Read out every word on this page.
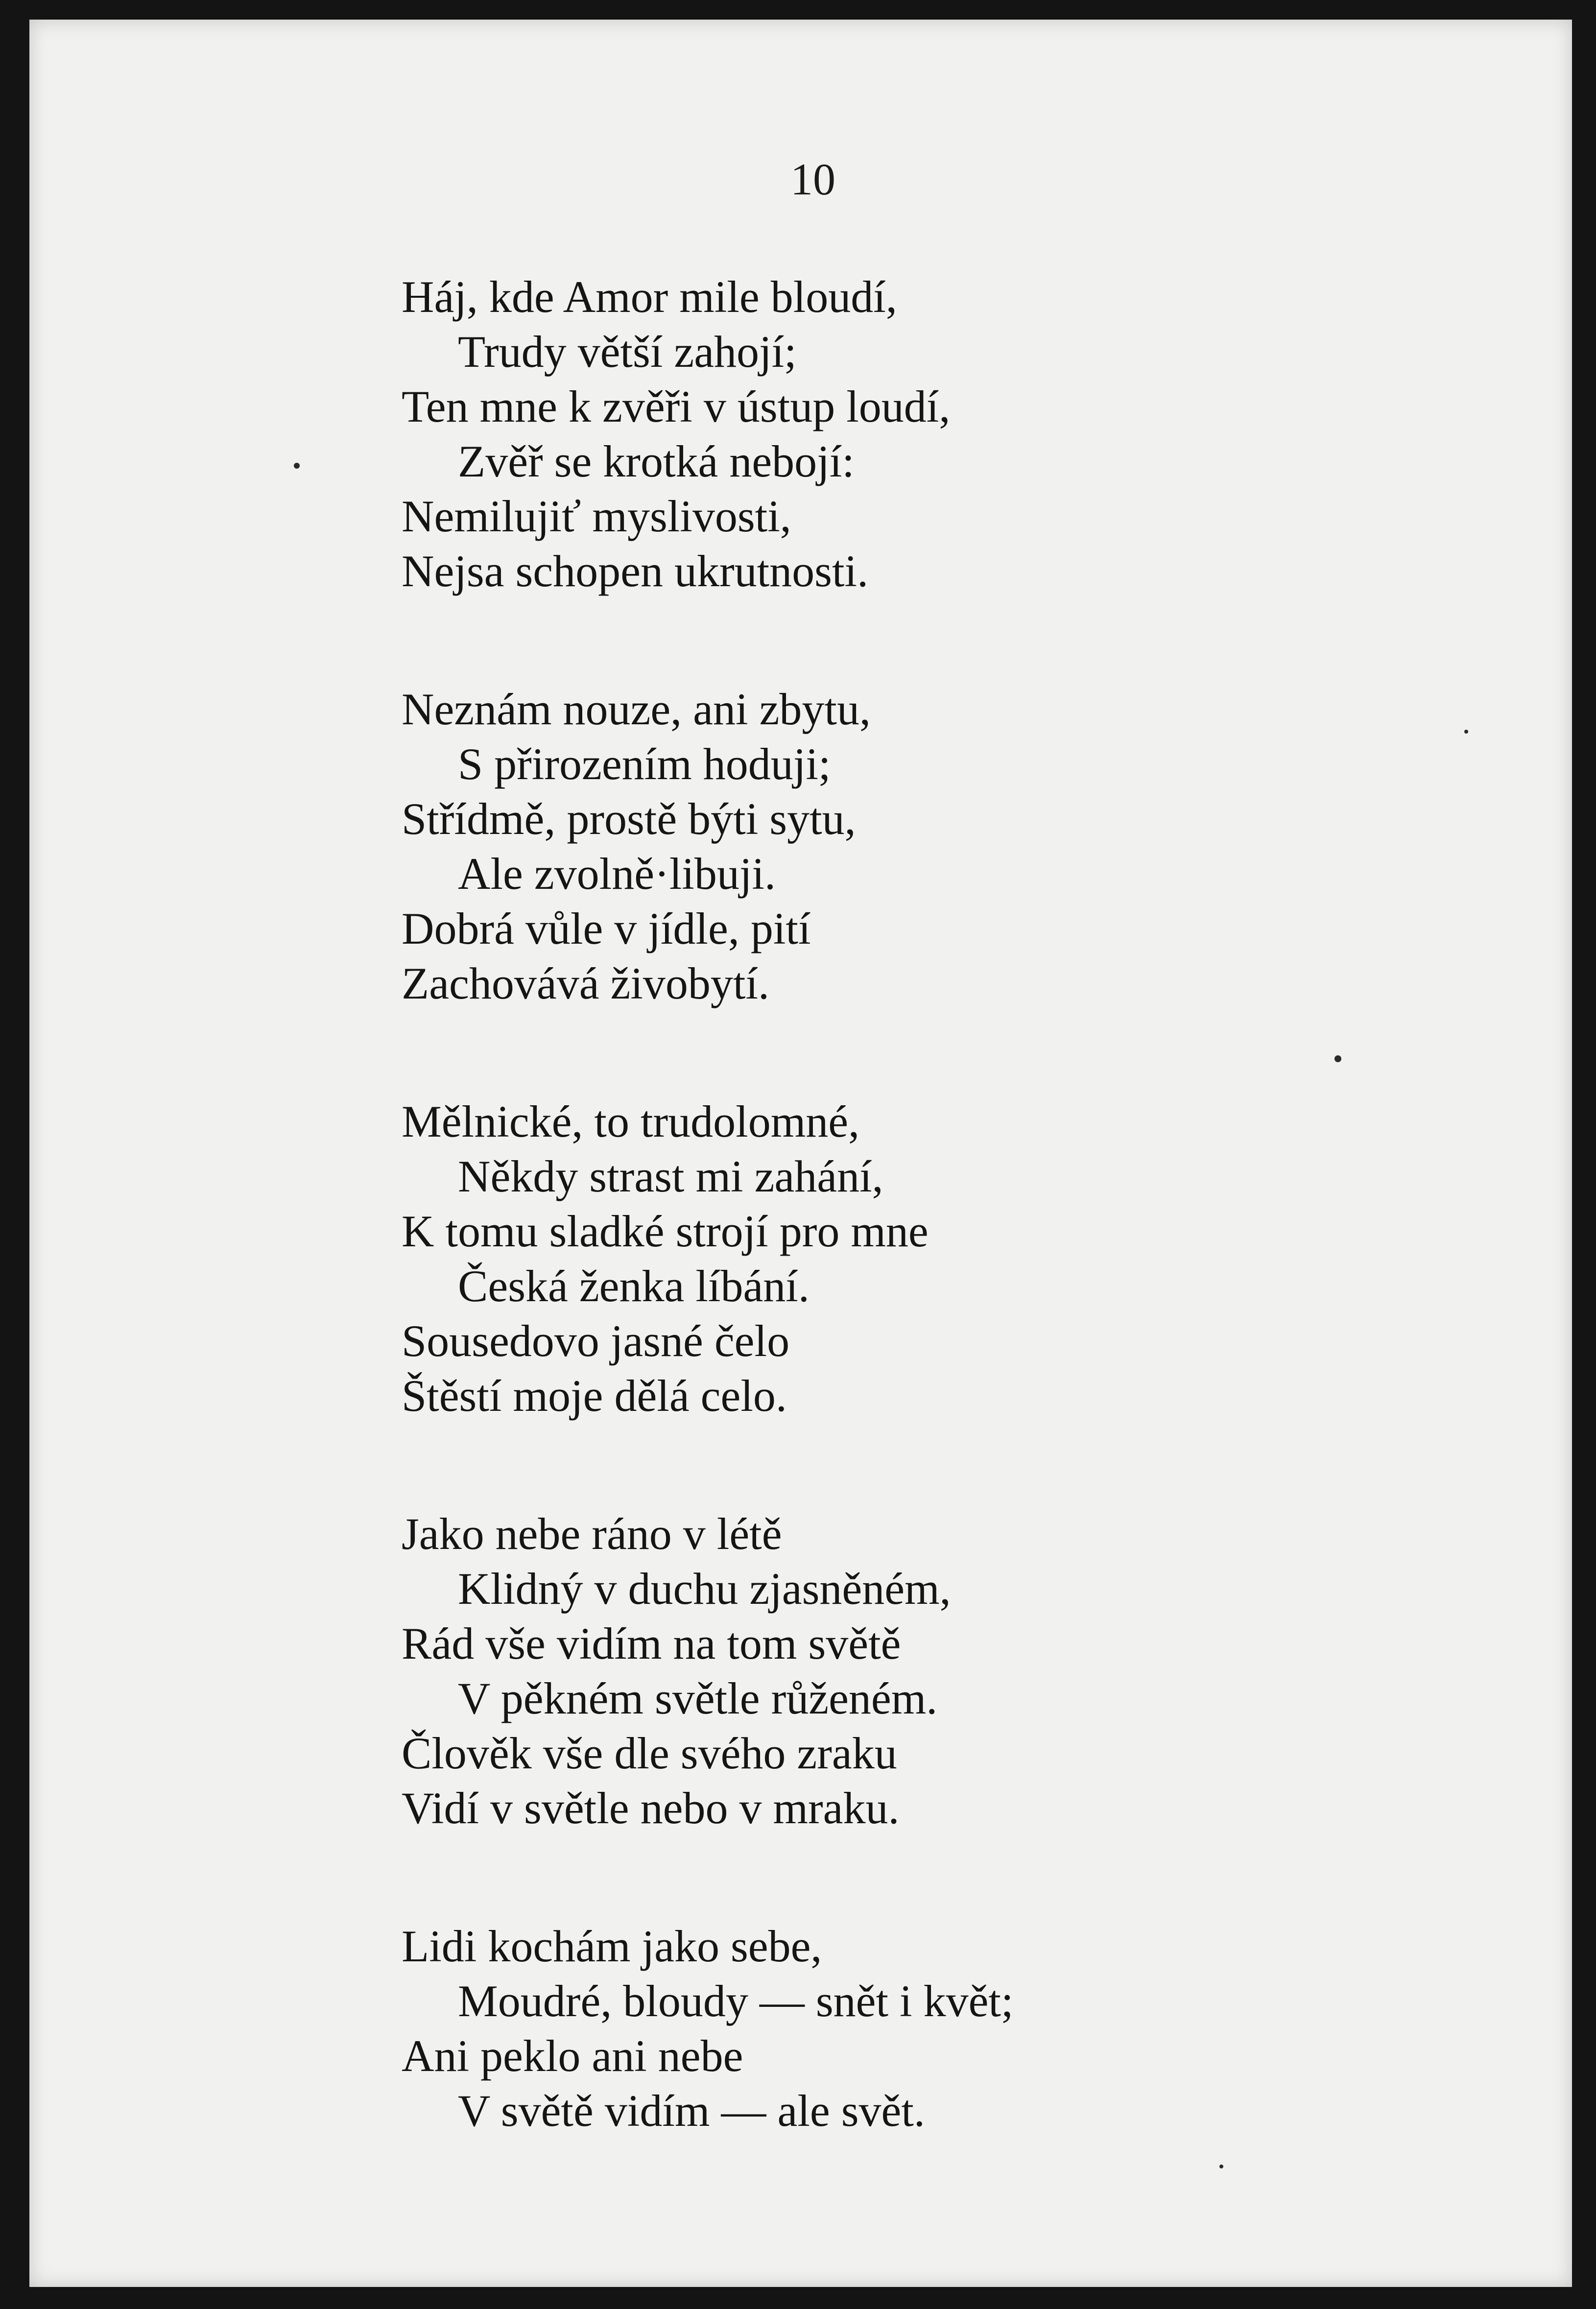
10
Háj, kde Amor mile bloudí,
Trudy větší zahojí;
Ten mne k zvěři v ústup loudí,
Zvěř se krotká nebojí:
Nemilujiť myslivosti,
Nejsa schopen ukrutnosti.
Neznám nouze, ani zbytu,
S přirozením hoduji;
Střídmě, prostě býti sytu,
Ale zvolně·libuji.
Dobrá vůle v jídle, pití
Zachovává živobytí.
Mělnické, to trudolomné,
Někdy strast mi zahání,
K tomu sladké strojí pro mne
Česká ženka líbání.
Sousedovo jasné čelo
Štěstí moje dělá celo.
Jako nebe ráno v létě
Klidný v duchu zjasněném,
Rád vše vidím na tom světě
V pěkném světle růženém.
Člověk vše dle svého zraku
Vidí v světle nebo v mraku.
Lidi kochám jako sebe,
Moudré, bloudy — snět i květ;
Ani peklo ani nebe
V světě vidím — ale svět.
